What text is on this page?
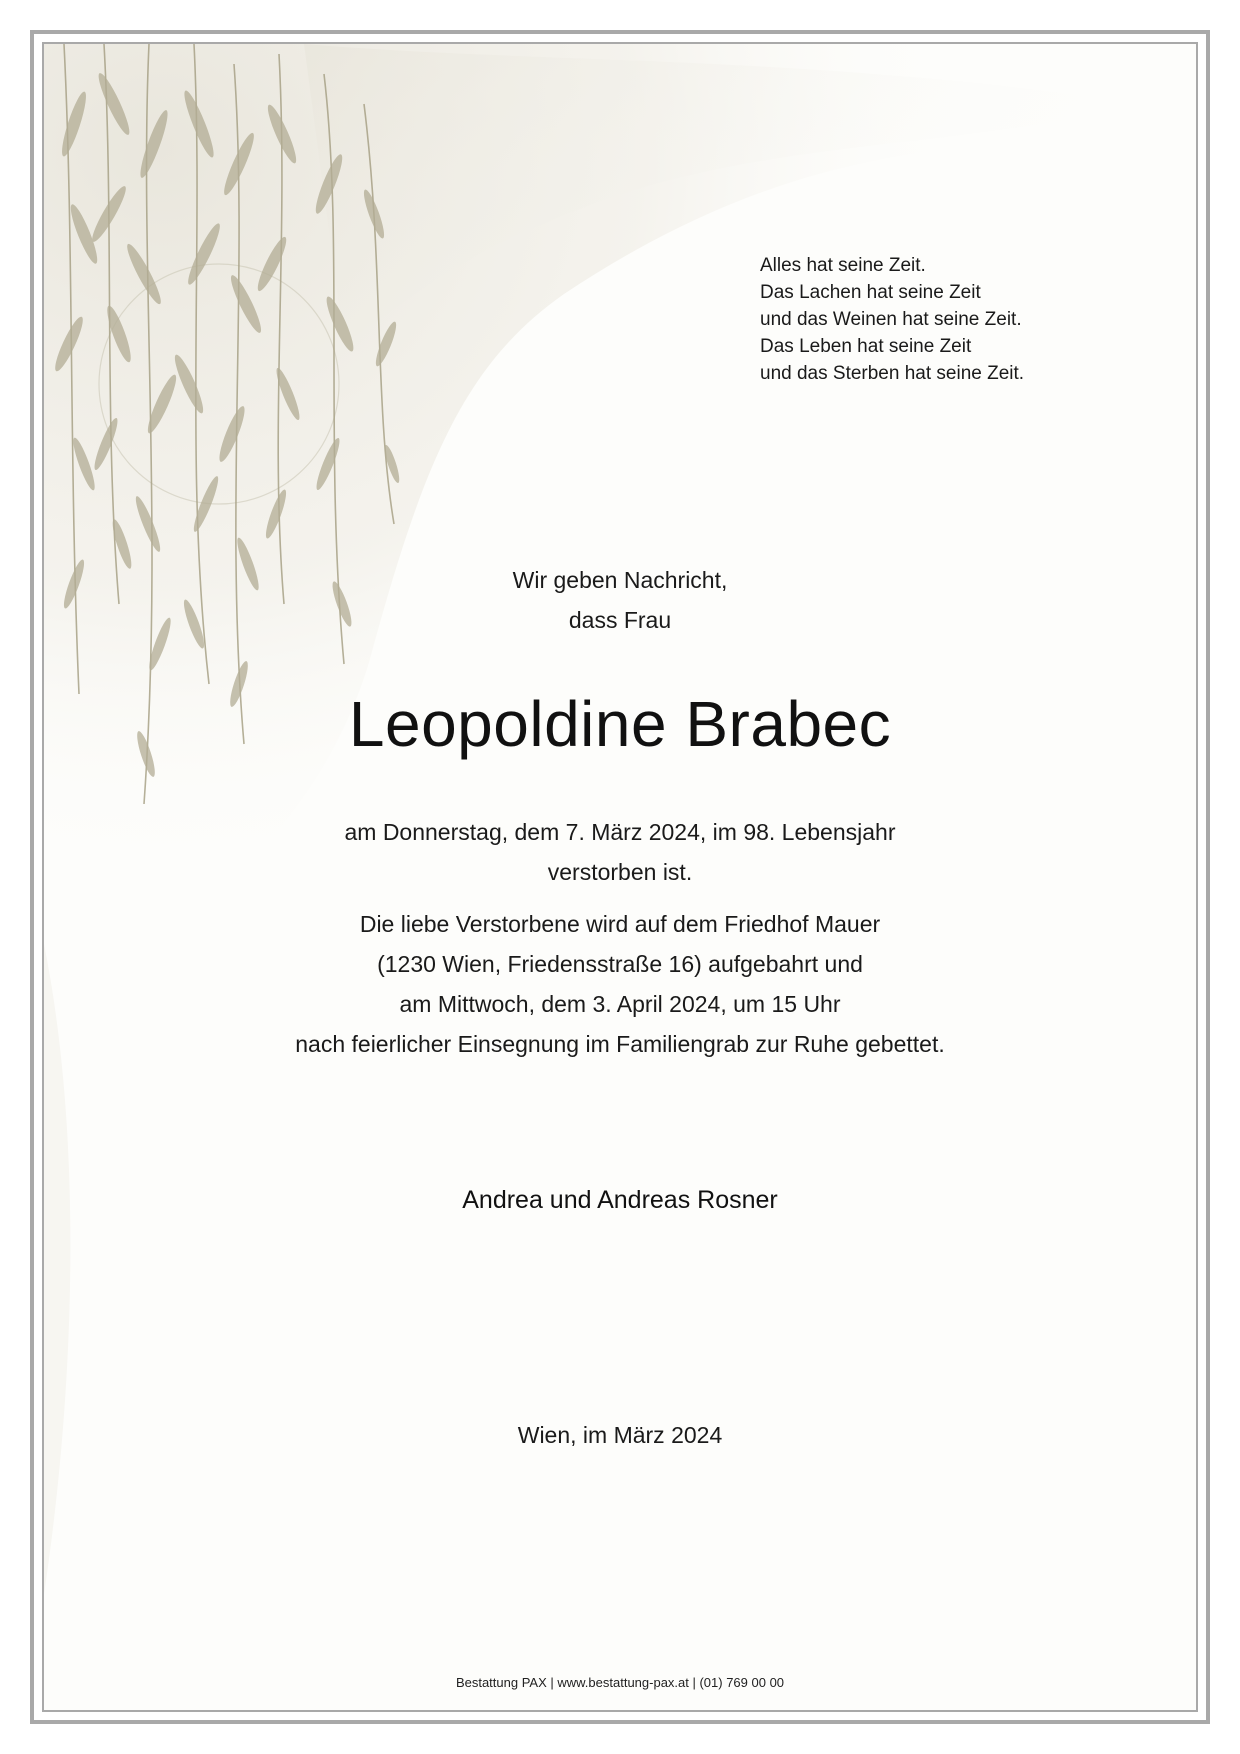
Alles hat seine Zeit.
Das Lachen hat seine Zeit
und das Weinen hat seine Zeit.
Das Leben hat seine Zeit
und das Sterben hat seine Zeit.
Wir geben Nachricht,
dass Frau
Leopoldine Brabec
am Donnerstag, dem 7. März 2024, im 98. Lebensjahr
verstorben ist.
Die liebe Verstorbene wird auf dem Friedhof Mauer
(1230 Wien, Friedensstraße 16) aufgebahrt und
am Mittwoch, dem 3. April 2024, um 15 Uhr
nach feierlicher Einsegnung im Familiengrab zur Ruhe gebettet.
Andrea und Andreas Rosner
Wien, im März 2024
Bestattung PAX | www.bestattung-pax.at | (01) 769 00 00
